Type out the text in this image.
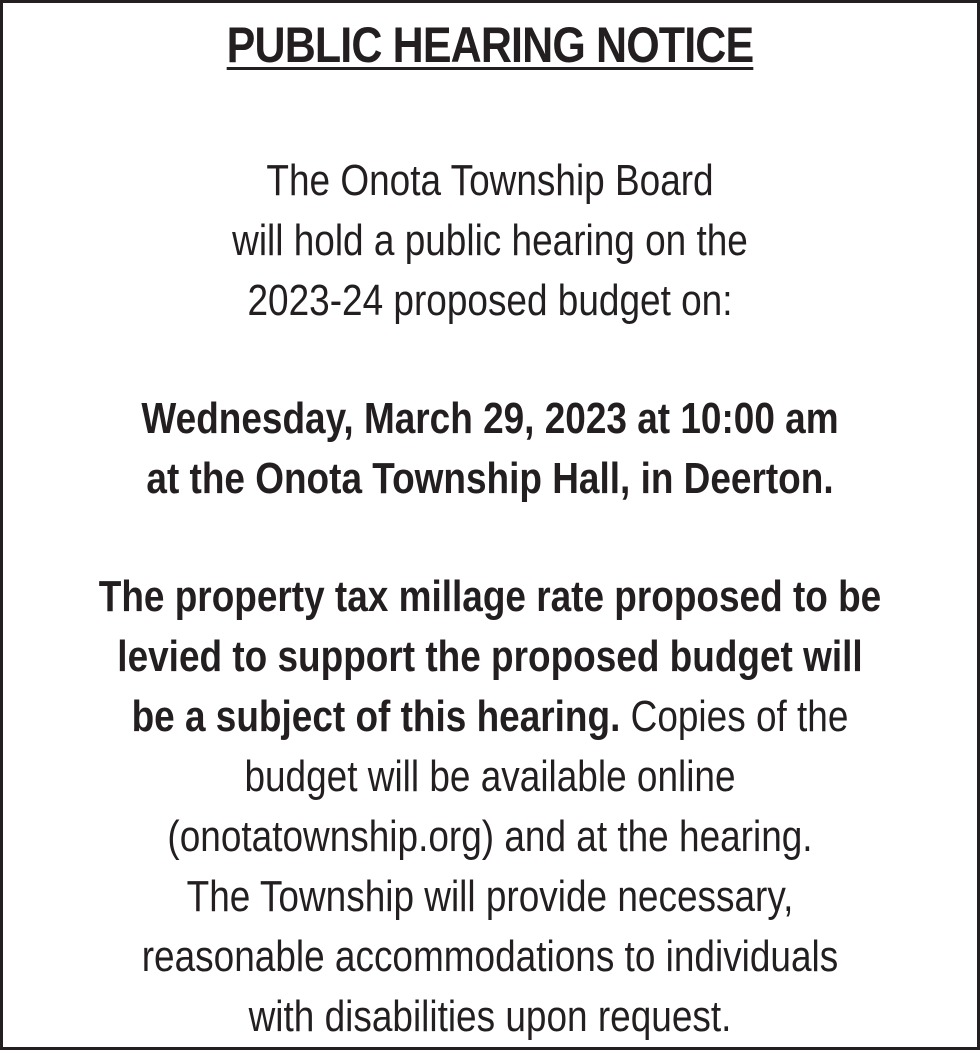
PUBLIC HEARING NOTICE

The Onota Township Board
will hold a public hearing on the
2023-24 proposed budget on:

Wednesday, March 29, 2023 at 10:00 am
at the Onota Township Hall, in Deerton.

The property tax millage rate proposed to be
levied to support the proposed budget will
be a subject of this hearing. Copies of the
budget will be available online
(onotatownship.org) and at the hearing.
The Township will provide necessary,
reasonable accommodations to individuals
with disabilities upon request.
